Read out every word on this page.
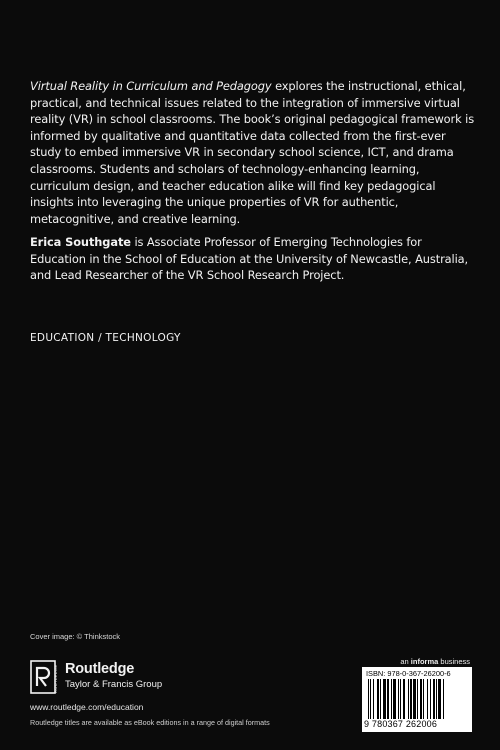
Virtual Reality in Curriculum and Pedagogy explores the instructional, ethical, practical, and technical issues related to the integration of immersive virtual reality (VR) in school classrooms. The book’s original pedagogical framework is informed by qualitative and quantitative data collected from the first-ever study to embed immersive VR in secondary school science, ICT, and drama classrooms. Students and scholars of technology-enhancing learning, curriculum design, and teacher education alike will find key pedagogical insights into leveraging the unique properties of VR for authentic, metacognitive, and creative learning.

Erica Southgate is Associate Professor of Emerging Technologies for Education in the School of Education at the University of Newcastle, Australia, and Lead Researcher of the VR School Research Project.

EDUCATION / TECHNOLOGY
Cover image: © Thinkstock
ROUTLEDGE Routledge
Taylor & Francis Group
www.routledge.com/education
Routledge titles are available as eBook editions in a range of digital formats
an informa business
ISBN: 978-0-367-26200-6
9 780367 262006
